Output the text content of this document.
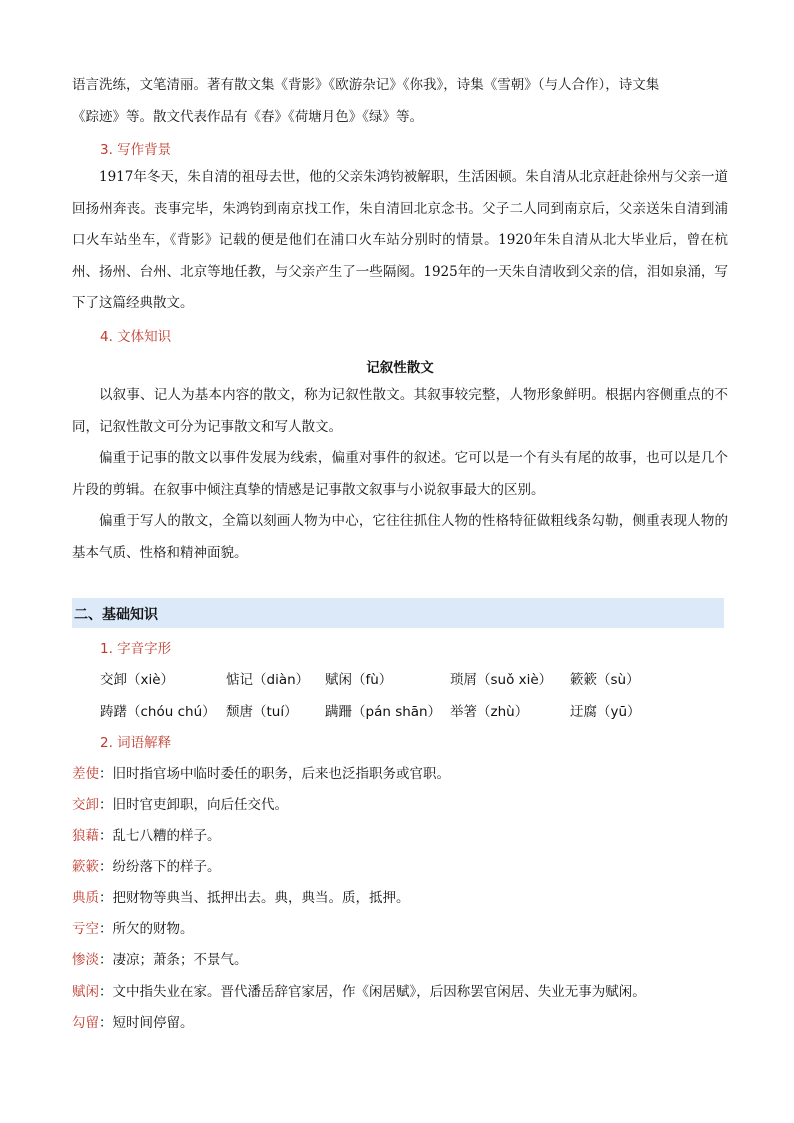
语言洗练，文笔清丽。著有散文集《背影》《欧游杂记》《你我》，诗集《雪朝》（与人合作），诗文集
《踪迹》等。散文代表作品有《春》《荷塘月色》《绿》等。
3. 写作背景
1917年冬天，朱自清的祖母去世，他的父亲朱鸿钧被解职，生活困顿。朱自清从北京赶赴徐州与父亲一道回扬州奔丧。丧事完毕，朱鸿钧到南京找工作，朱自清回北京念书。父子二人同到南京后，父亲送朱自清到浦口火车站坐车，《背影》记载的便是他们在浦口火车站分别时的情景。1920年朱自清从北大毕业后，曾在杭州、扬州、台州、北京等地任教，与父亲产生了一些隔阂。1925年的一天朱自清收到父亲的信，泪如泉涌，写下了这篇经典散文。
4. 文体知识
记叙性散文
以叙事、记人为基本内容的散文，称为记叙性散文。其叙事较完整，人物形象鲜明。根据内容侧重点的不同，记叙性散文可分为记事散文和写人散文。
偏重于记事的散文以事件发展为线索，偏重对事件的叙述。它可以是一个有头有尾的故事，也可以是几个片段的剪辑。在叙事中倾注真挚的情感是记事散文叙事与小说叙事最大的区别。
偏重于写人的散文，全篇以刻画人物为中心，它往往抓住人物的性格特征做粗线条勾勒，侧重表现人物的基本气质、性格和精神面貌。
二、基础知识
1. 字音字形
交卸（xiè）	惦记（diàn） 赋闲（fù）	琐屑（suǒ xiè） 簌簌（sù）
踌躇（chóu chú） 颓唐（tuí） 蹒跚（pán shān） 举箸（zhù）	迂腐（yū）
2. 词语解释
差使：旧时指官场中临时委任的职务，后来也泛指职务或官职。
交卸：旧时官吏卸职，向后任交代。
狼藉：乱七八糟的样子。
簌簌：纷纷落下的样子。
典质：把财物等典当、抵押出去。典，典当。质，抵押。
亏空：所欠的财物。
惨淡：凄凉；萧条；不景气。
赋闲：文中指失业在家。晋代潘岳辞官家居，作《闲居赋》，后因称罢官闲居、失业无事为赋闲。
勾留：短时间停留。
